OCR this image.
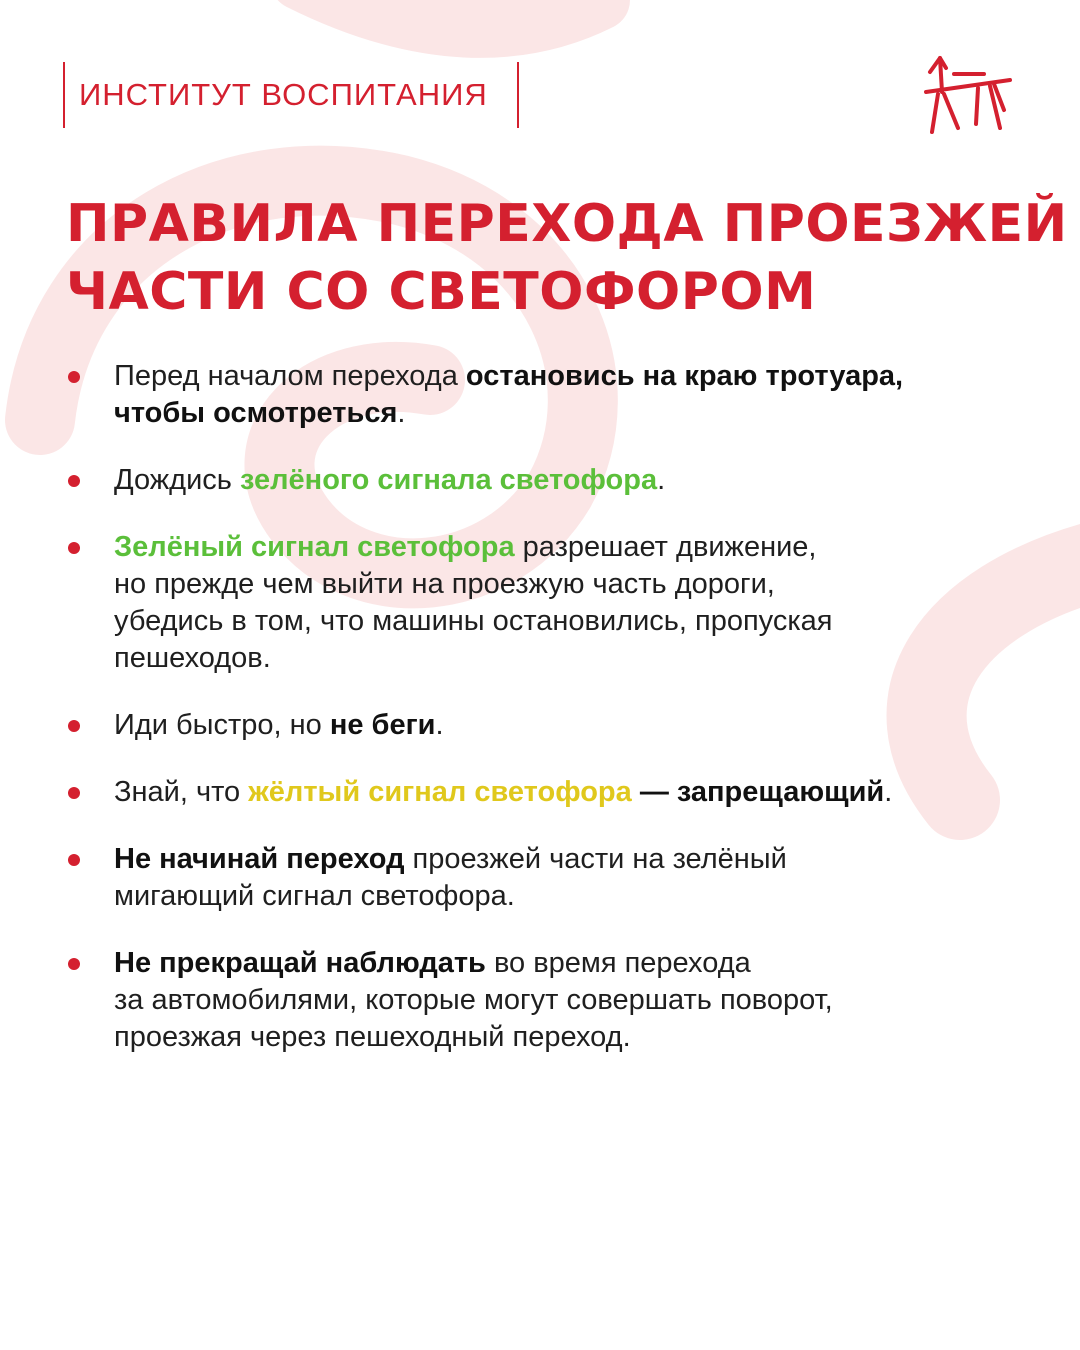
ИНСТИТУТ ВОСПИТАНИЯ
ПРАВИЛА ПЕРЕХОДА ПРОЕЗЖЕЙ
ЧАСТИ СО СВЕТОФОРОМ
Перед началом перехода остановись на краю тротуара,
чтобы осмотреться.
Дождись зелёного сигнала светофора.
Зелёный сигнал светофора разрешает движение,
но прежде чем выйти на проезжую часть дороги,
убедись в том, что машины остановились, пропуская
пешеходов.
Иди быстро, но не беги.
Знай, что жёлтый сигнал светофора — запрещающий.
Не начинай переход проезжей части на зелёный
мигающий сигнал светофора.
Не прекращай наблюдать во время перехода
за автомобилями, которые могут совершать поворот,
проезжая через пешеходный переход.
